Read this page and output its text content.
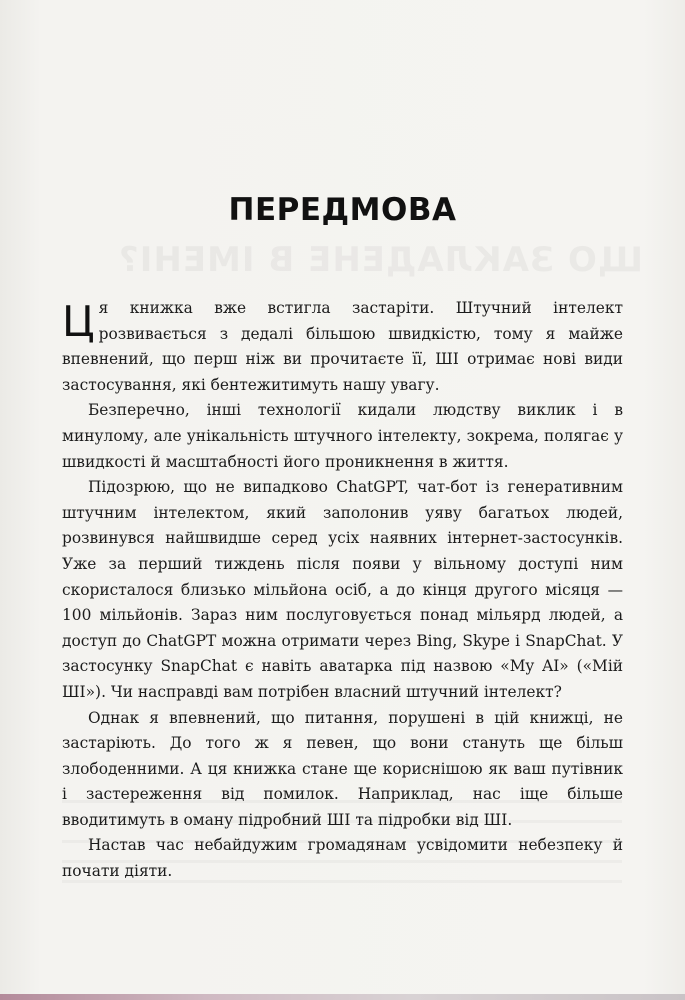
ПЕРЕДМОВА

Ц я книжка вже встигла застаріти. Штучний інтелект розвивається з дедалі більшою швидкістю, тому я майже впевнений, що перш ніж ви прочитаєте її, ШІ отримає нові види застосування, які бентежитимуть нашу увагу.

Безперечно, інші технології кидали людству виклик і в минулому, але унікальність штучного інтелекту, зокрема, полягає у швидкості й масштабності його проникнення в життя.

Підозрюю, що не випадково ChatGPT, чат-бот із генеративним штучним інтелектом, який заполонив уяву багатьох людей, розвинувся найшвидше серед усіх наявних інтернет-застосунків. Уже за перший тиждень після появи у вільному доступі ним скористалося близько мільйона осіб, а до кінця другого місяця — 100 мільйонів. Зараз ним послуговується понад мільярд людей, а доступ до ChatGPT можна отримати через Bing, Skype і SnapChat. У застосунку SnapChat є навіть аватарка під назвою «My AI» («Мій ШІ»). Чи насправді вам потрібен власний штучний інтелект?

Однак я впевнений, що питання, порушені в цій книжці, не застаріють. До того ж я певен, що вони стануть ще більш злободенними. А ця книжка стане ще кориснішою як ваш путівник і застереження від помилок. Наприклад, нас іще більше вводитимуть в оману підробний ШІ та підробки від ШІ.

Настав час небайдужим громадянам усвідомити небезпеку й почати діяти.
